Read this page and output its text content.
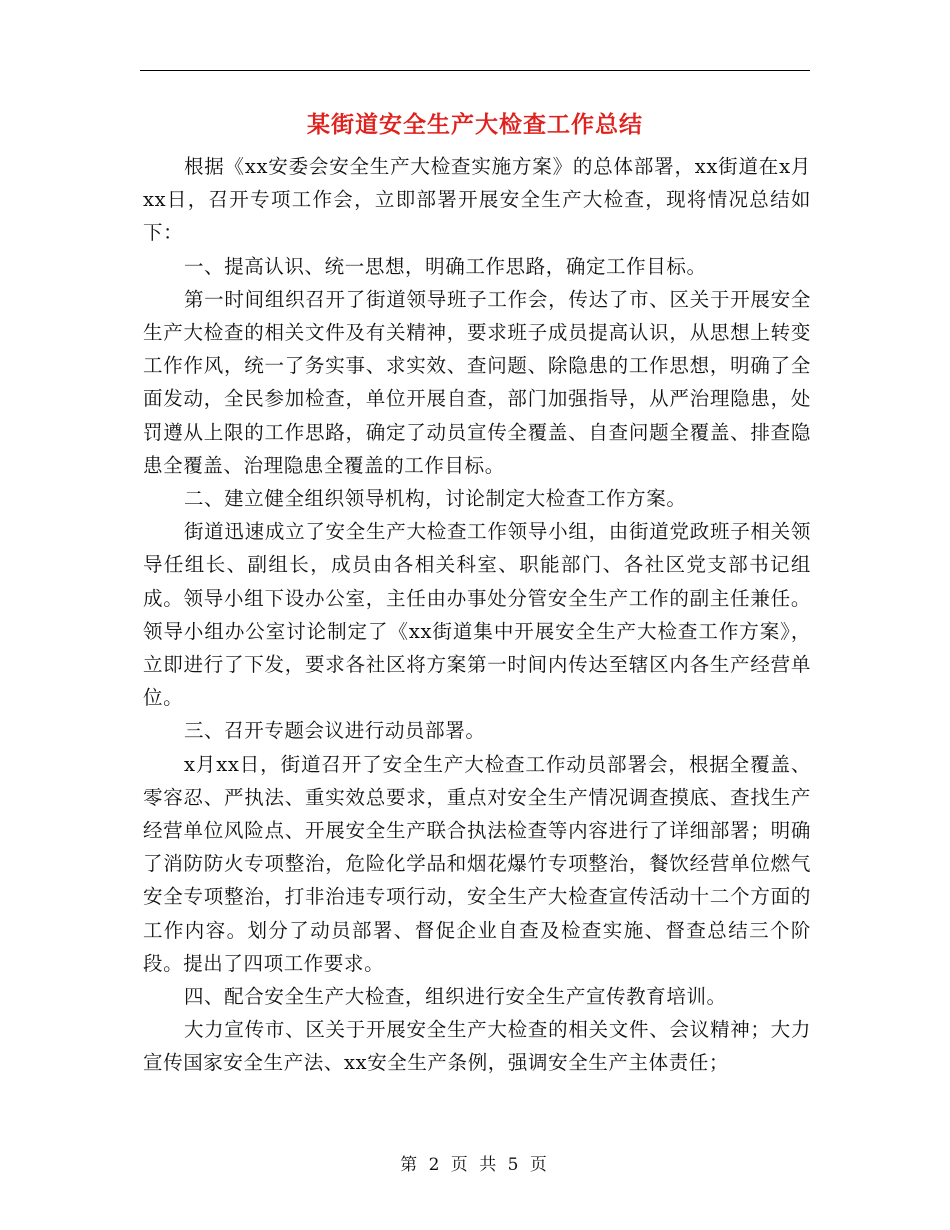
某街道安全生产大检查工作总结

根据《xx安委会安全生产大检查实施方案》的总体部署，xx街道在x月xx日，召开专项工作会，立即部署开展安全生产大检查，现将情况总结如下：

一、提高认识、统一思想，明确工作思路，确定工作目标。

第一时间组织召开了街道领导班子工作会，传达了市、区关于开展安全生产大检查的相关文件及有关精神，要求班子成员提高认识，从思想上转变工作作风，统一了务实事、求实效、查问题、除隐患的工作思想，明确了全面发动，全民参加检查，单位开展自查，部门加强指导，从严治理隐患，处罚遵从上限的工作思路，确定了动员宣传全覆盖、自查问题全覆盖、排查隐患全覆盖、治理隐患全覆盖的工作目标。

二、建立健全组织领导机构，讨论制定大检查工作方案。

街道迅速成立了安全生产大检查工作领导小组，由街道党政班子相关领导任组长、副组长，成员由各相关科室、职能部门、各社区党支部书记组成。领导小组下设办公室，主任由办事处分管安全生产工作的副主任兼任。领导小组办公室讨论制定了《xx街道集中开展安全生产大检查工作方案》，立即进行了下发，要求各社区将方案第一时间内传达至辖区内各生产经营单位。

三、召开专题会议进行动员部署。

x月xx日，街道召开了安全生产大检查工作动员部署会，根据全覆盖、零容忍、严执法、重实效总要求，重点对安全生产情况调查摸底、查找生产经营单位风险点、开展安全生产联合执法检查等内容进行了详细部署；明确了消防防火专项整治，危险化学品和烟花爆竹专项整治，餐饮经营单位燃气安全专项整治，打非治违专项行动，安全生产大检查宣传活动十二个方面的工作内容。划分了动员部署、督促企业自查及检查实施、督查总结三个阶段。提出了四项工作要求。

四、配合安全生产大检查，组织进行安全生产宣传教育培训。

大力宣传市、区关于开展安全生产大检查的相关文件、会议精神；大力宣传国家安全生产法、xx安全生产条例，强调安全生产主体责任；

第 2 页 共 5 页
